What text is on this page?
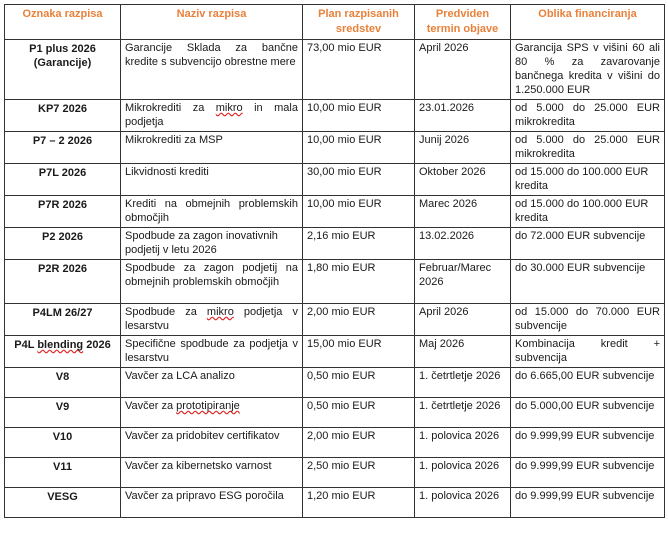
Oznaka razpisa	Naziv razpisa	Plan razpisanih sredstev	Predviden termin objave	Oblika financiranja
P1 plus 2026 (Garancije)	Garancije Sklada za bančne kredite s subvencijo obrestne mere	73,00 mio EUR	April 2026	Garancija SPS v višini 60 ali 80 % za zavarovanje bančnega kredita v višini do 1.250.000 EUR
KP7 2026	Mikrokrediti za mikro in mala podjetja	10,00 mio EUR	23.01.2026	od 5.000 do 25.000 EUR mikrokredita
P7 – 2 2026	Mikrokrediti za MSP	10,00 mio EUR	Junij 2026	od 5.000 do 25.000 EUR mikrokredita
P7L 2026	Likvidnosti krediti	30,00 mio EUR	Oktober 2026	od 15.000 do 100.000 EUR kredita
P7R 2026	Krediti na obmejnih problemskih območjih	10,00 mio EUR	Marec 2026	od 15.000 do 100.000 EUR kredita
P2 2026	Spodbude za zagon inovativnih podjetij v letu 2026	2,16 mio EUR	13.02.2026	do 72.000 EUR subvencije
P2R 2026	Spodbude za zagon podjetij na obmejnih problemskih območjih	1,80 mio EUR	Februar/Marec 2026	do 30.000 EUR subvencije
P4LM 26/27	Spodbude za mikro podjetja v lesarstvu	2,00 mio EUR	April 2026	od 15.000 do 70.000 EUR subvencije
P4L blending 2026	Specifične spodbude za podjetja v lesarstvu	15,00 mio EUR	Maj 2026	Kombinacija kredit + subvencija
V8	Vavčer za LCA analizo	0,50 mio EUR	1. četrtletje 2026	do 6.665,00 EUR subvencije
V9	Vavčer za prototipiranje	0,50 mio EUR	1. četrtletje 2026	do 5.000,00 EUR subvencije
V10	Vavčer za pridobitev certifikatov	2,00 mio EUR	1. polovica 2026	do 9.999,99 EUR subvencije
V11	Vavčer za kibernetsko varnost	2,50 mio EUR	1. polovica 2026	do 9.999,99 EUR subvencije
VESG	Vavčer za pripravo ESG poročila	1,20 mio EUR	1. polovica 2026	do 9.999,99 EUR subvencije
